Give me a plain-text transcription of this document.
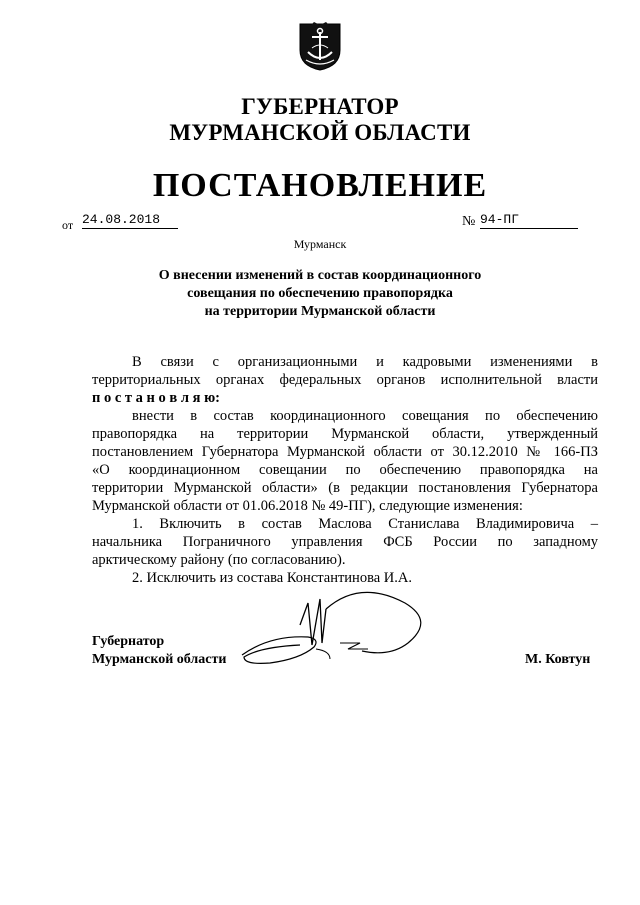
ГУБЕРНАТОР
МУРМАНСКОЙ ОБЛАСТИ
ПОСТАНОВЛЕНИЕ
от 24.08.2018	№ 94-ПГ
Мурманск
О внесении изменений в состав координационного
совещания по обеспечению правопорядка
на территории Мурманской области
В связи с организационными и кадровыми изменениями в
территориальных органах федеральных органов исполнительной власти
п о с т а н о в л я ю:
внести в состав координационного совещания по обеспечению
правопорядка на территории Мурманской области, утвержденный
постановлением Губернатора Мурманской области от 30.12.2010 № 166-ПЗ
«О координационном совещании по обеспечению правопорядка на
территории Мурманской области» (в редакции постановления Губернатора
Мурманской области от 01.06.2018 № 49-ПГ), следующие изменения:
1. Включить в состав Маслова Станислава Владимировича –
начальника Пограничного управления ФСБ России по западному
арктическому району (по согласованию).
2. Исключить из состава Константинова И.А.
Губернатор
Мурманской области	М. Ковтун
